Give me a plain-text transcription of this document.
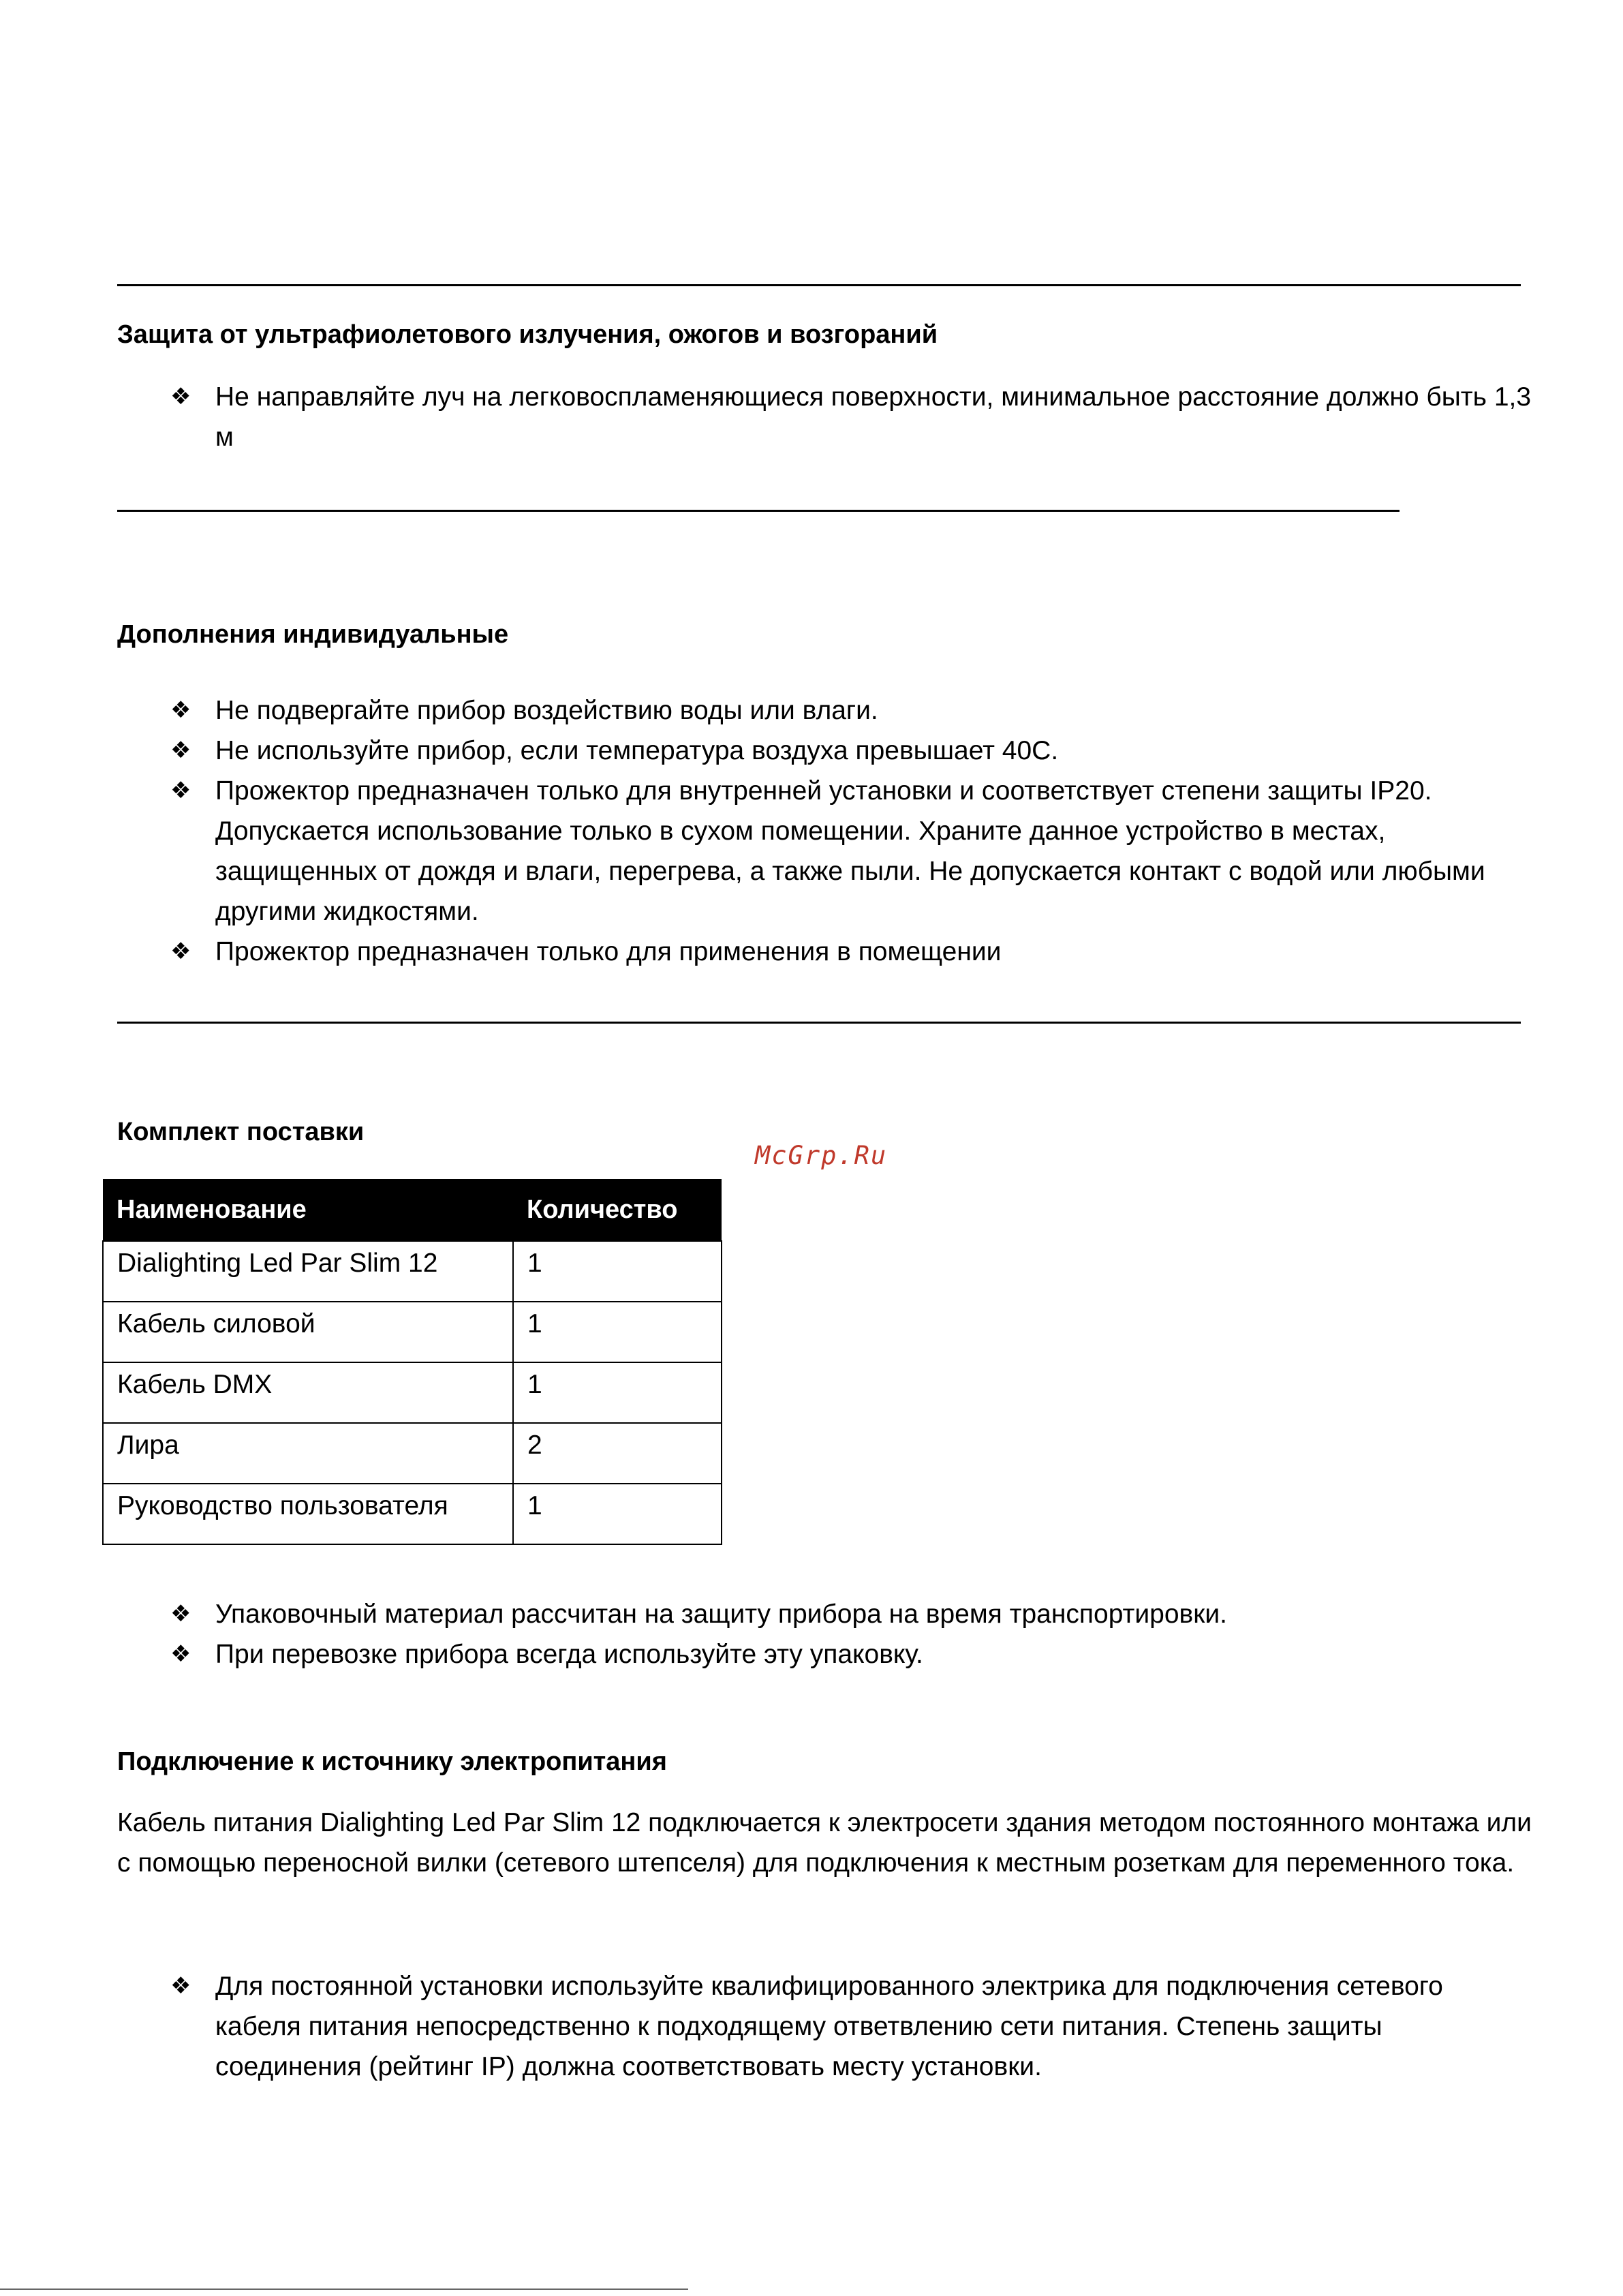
Защита от ультрафиолетового излучения, ожогов и возгораний
❖ Не направляйте луч на легковоспламеняющиеся поверхности, минимальное расстояние должно быть 1,3 м
Дополнения индивидуальные
❖ Не подвергайте прибор воздействию воды или влаги.
❖ Не используйте прибор, если температура воздуха превышает 40С.
❖ Прожектор предназначен только для внутренней установки и соответствует степени защиты IP20. Допускается использование только в сухом помещении. Храните данное устройство в местах, защищенных от дождя и влаги, перегрева, а также пыли. Не допускается контакт с водой или любыми другими жидкостями.
❖ Прожектор предназначен только для применения в помещении
Комплект поставки
McGrp.Ru
Наименование	Количество
Dialighting Led Par Slim 12	1
Кабель силовой	1
Кабель DMX	1
Лира	2
Руководство пользователя	1
❖ Упаковочный материал рассчитан на защиту прибора на время транспортировки.
❖ При перевозке прибора всегда используйте эту упаковку.
Подключение к источнику электропитания

Кабель питания Dialighting Led Par Slim 12 подключается к электросети здания методом постоянного монтажа или с помощью переносной вилки (сетевого штепселя) для подключения к местным розеткам для переменного тока.

❖ Для постоянной установки используйте квалифицированного электрика для подключения сетевого кабеля питания непосредственно к подходящему ответвлению сети питания. Степень защиты соединения (рейтинг IP) должна соответствовать месту установки.
